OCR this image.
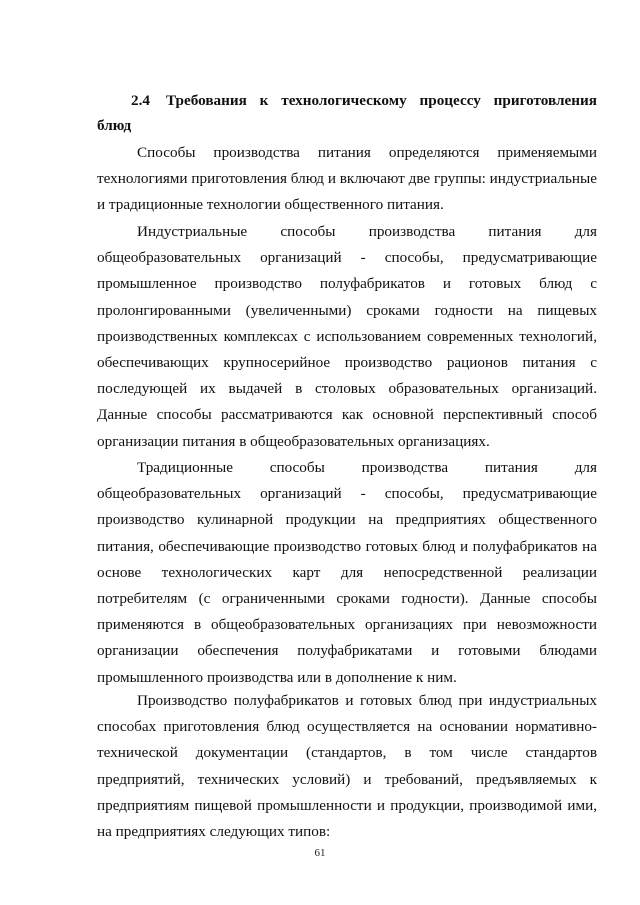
2.4 Требования к технологическому процессу приготовления блюд

Способы производства питания определяются применяемыми технологиями приготовления блюд и включают две группы: индустриальные и традиционные технологии общественного питания.

Индустриальные способы производства питания для общеобразовательных организаций - способы, предусматривающие промышленное производство полуфабрикатов и готовых блюд с пролонгированными (увеличенными) сроками годности на пищевых производственных комплексах с использованием современных технологий, обеспечивающих крупносерийное производство рационов питания с последующей их выдачей в столовых образовательных организаций. Данные способы рассматриваются как основной перспективный способ организации питания в общеобразовательных организациях.

Традиционные способы производства питания для общеобразовательных организаций - способы, предусматривающие производство кулинарной продукции на предприятиях общественного питания, обеспечивающие производство готовых блюд и полуфабрикатов на основе технологических карт для непосредственной реализации потребителям (с ограниченными сроками годности). Данные способы применяются в общеобразовательных организациях при невозможности организации обеспечения полуфабрикатами и готовыми блюдами промышленного производства или в дополнение к ним.

Производство полуфабрикатов и готовых блюд при индустриальных способах приготовления блюд осуществляется на основании нормативно-технической документации (стандартов, в том числе стандартов предприятий, технических условий) и требований, предъявляемых к предприятиям пищевой промышленности и продукции, производимой ими, на предприятиях следующих типов:

61
